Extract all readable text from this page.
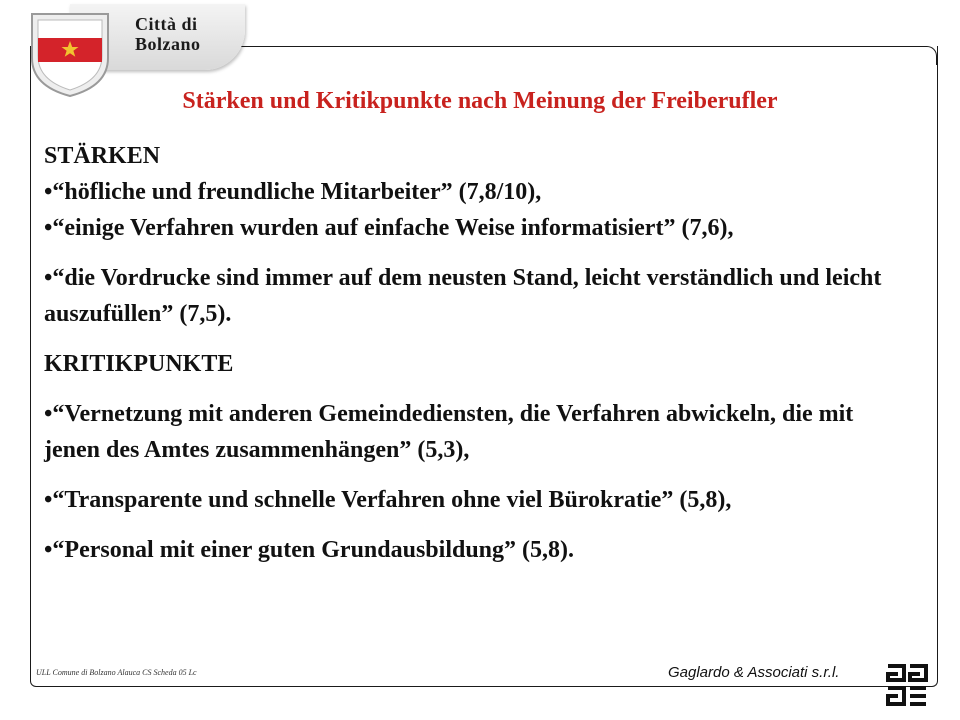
Città di
Bolzano
Stärken und Kritikpunkte nach Meinung der Freiberufler

STÄRKEN

•“höfliche und freundliche Mitarbeiter” (7,8/10),

•“einige Verfahren wurden auf einfache Weise informatisiert” (7,6),

•“die Vordrucke sind immer auf dem neusten Stand, leicht verständlich und leicht auszufüllen” (7,5).

KRITIKPUNKTE

•“Vernetzung mit anderen Gemeindediensten, die Verfahren abwickeln, die mit jenen des Amtes zusammenhängen” (5,3),

•“Transparente und schnelle Verfahren ohne viel Bürokratie” (5,8),

•“Personal mit einer guten Grundausbildung” (5,8).

ULL Comune di Bolzano Alauca CS Scheda 05 Lc	Gaglardo & Associati s.r.l.
